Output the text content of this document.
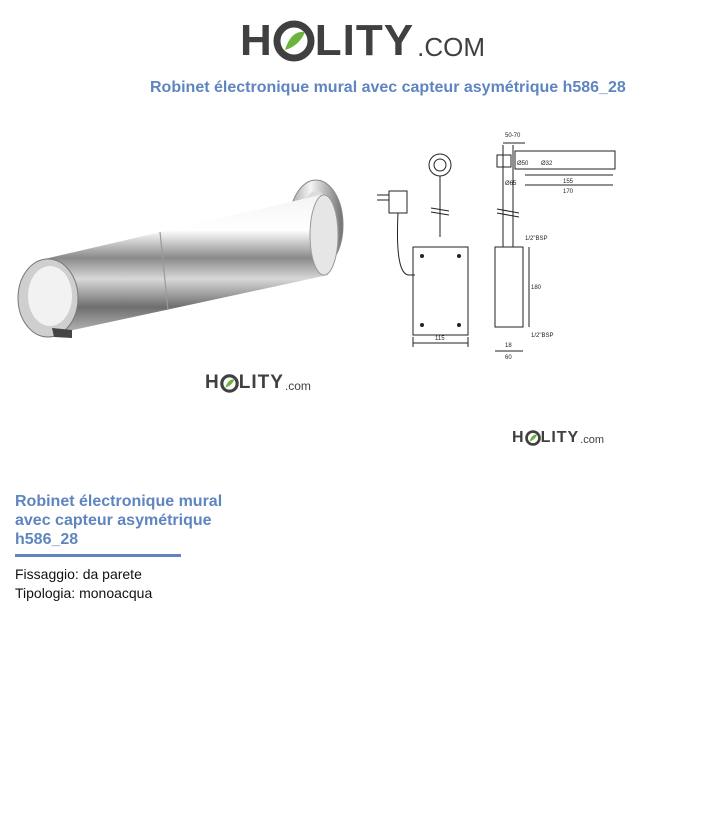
H LITY .COM
Robinet électronique mural avec capteur asymétrique h586_28
H LITY .com
50-70
Ø50 Ø32
Ø65	155
170
1/2"BSP
180
115	1/2"BSP
18
60
H LITY .com
Robinet électronique mural avec capteur asymétrique h586_28
Fissaggio: da parete
Tipologia: monoacqua
